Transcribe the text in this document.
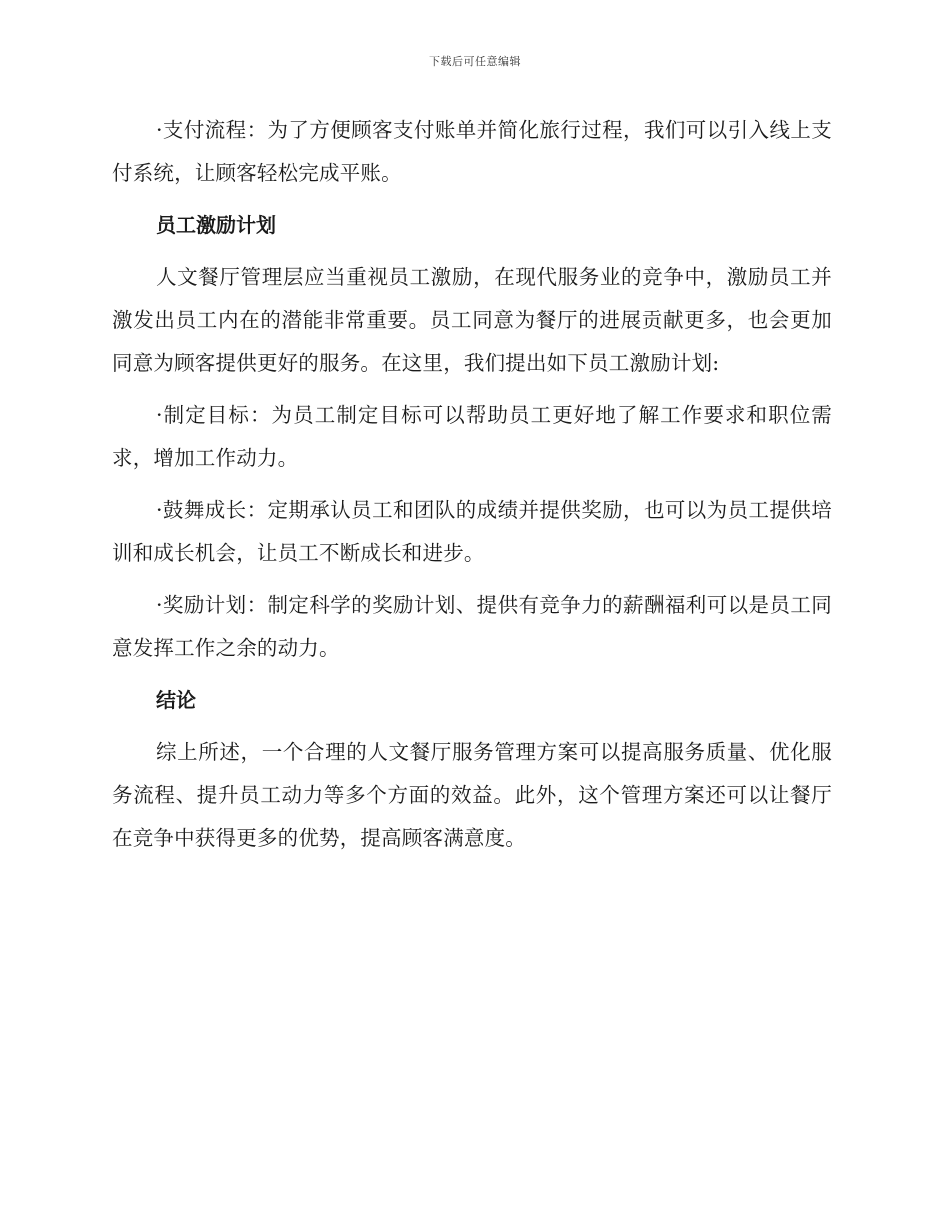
下载后可任意编辑

·支付流程：为了方便顾客支付账单并简化旅行过程，我们可以引入线上支付系统，让顾客轻松完成平账。

员工激励计划

人文餐厅管理层应当重视员工激励，在现代服务业的竞争中，激励员工并激发出员工内在的潜能非常重要。员工同意为餐厅的进展贡献更多，也会更加同意为顾客提供更好的服务。在这里，我们提出如下员工激励计划:

·制定目标：为员工制定目标可以帮助员工更好地了解工作要求和职位需求，增加工作动力。

·鼓舞成长：定期承认员工和团队的成绩并提供奖励，也可以为员工提供培训和成长机会，让员工不断成长和进步。

·奖励计划：制定科学的奖励计划、提供有竞争力的薪酬福利可以是员工同意发挥工作之余的动力。

结论

综上所述，一个合理的人文餐厅服务管理方案可以提高服务质量、优化服务流程、提升员工动力等多个方面的效益。此外，这个管理方案还可以让餐厅在竞争中获得更多的优势，提高顾客满意度。
